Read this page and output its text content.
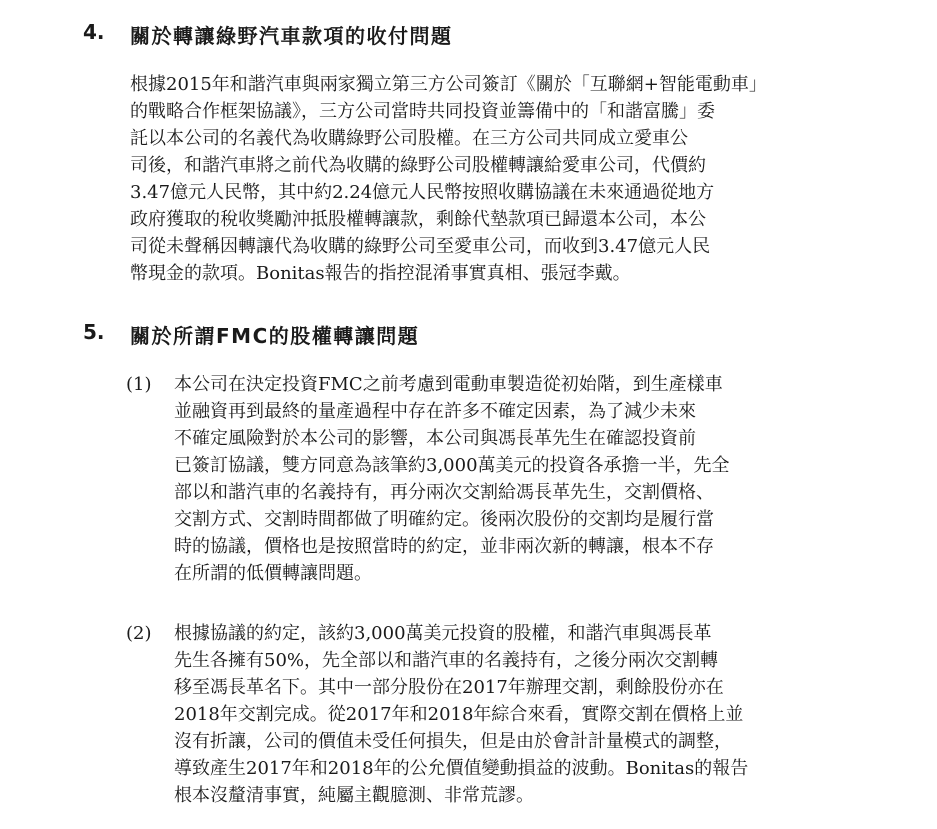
4. 關於轉讓綠野汽車款項的收付問題
根據2015年和諧汽車與兩家獨立第三方公司簽訂《關於「互聯網+智能電動車」
的戰略合作框架協議》，三方公司當時共同投資並籌備中的「和諧富騰」委
託以本公司的名義代為收購綠野公司股權。在三方公司共同成立愛車公
司後，和諧汽車將之前代為收購的綠野公司股權轉讓給愛車公司，代價約
3.47億元人民幣，其中約2.24億元人民幣按照收購協議在未來通過從地方
政府獲取的稅收獎勵沖抵股權轉讓款，剩餘代墊款項已歸還本公司，本公
司從未聲稱因轉讓代為收購的綠野公司至愛車公司，而收到3.47億元人民
幣現金的款項。Bonitas報告的指控混淆事實真相、張冠李戴。
5. 關於所謂FMC的股權轉讓問題
(1) 本公司在決定投資FMC之前考慮到電動車製造從初始階，到生產樣車
並融資再到最終的量產過程中存在許多不確定因素，為了減少未來
不確定風險對於本公司的影響，本公司與馮長革先生在確認投資前
已簽訂協議，雙方同意為該筆約3,000萬美元的投資各承擔一半，先全
部以和諧汽車的名義持有，再分兩次交割給馮長革先生，交割價格、
交割方式、交割時間都做了明確約定。後兩次股份的交割均是履行當
時的協議，價格也是按照當時的約定，並非兩次新的轉讓，根本不存
在所謂的低價轉讓問題。
(2) 根據協議的約定，該約3,000萬美元投資的股權，和諧汽車與馮長革
先生各擁有50%，先全部以和諧汽車的名義持有，之後分兩次交割轉
移至馮長革名下。其中一部分股份在2017年辦理交割，剩餘股份亦在
2018年交割完成。從2017年和2018年綜合來看，實際交割在價格上並
沒有折讓，公司的價值未受任何損失，但是由於會計計量模式的調整，
導致產生2017年和2018年的公允價值變動損益的波動。Bonitas的報告
根本沒釐清事實，純屬主觀臆測、非常荒謬。
